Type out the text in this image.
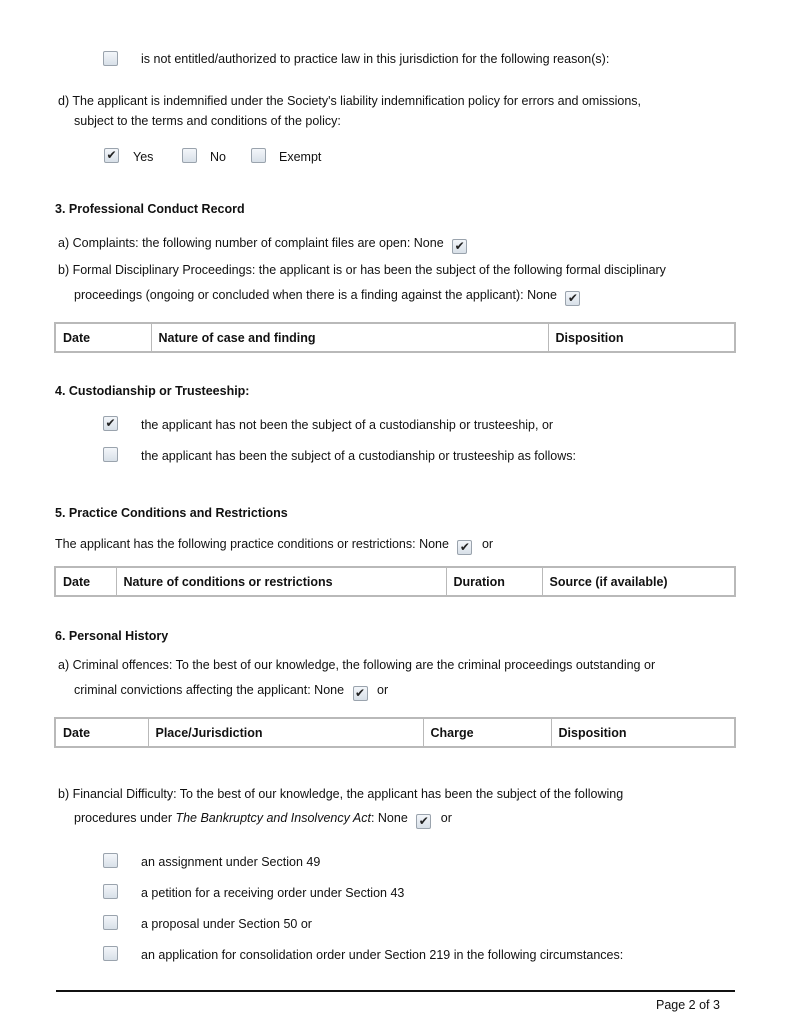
is not entitled/authorized to practice law in this jurisdiction for the following reason(s):
d) The applicant is indemnified under the Society's liability indemnification policy for errors and omissions,
subject to the terms and conditions of the policy:
✔ Yes	No	Exempt
3. Professional Conduct Record
a) Complaints: the following number of complaint files are open: None ✔
b) Formal Disciplinary Proceedings: the applicant is or has been the subject of the following formal disciplinary
proceedings (ongoing or concluded when there is a finding against the applicant): None ✔
Date	Nature of case and finding	Disposition
4. Custodianship or Trusteeship:
✔ the applicant has not been the subject of a custodianship or trusteeship, or
the applicant has been the subject of a custodianship or trusteeship as follows:
5. Practice Conditions and Restrictions
The applicant has the following practice conditions or restrictions: None ✔ or
Date	Nature of conditions or restrictions	Duration	Source (if available)
6. Personal History
a) Criminal offences: To the best of our knowledge, the following are the criminal proceedings outstanding or
criminal convictions affecting the applicant: None ✔ or
Date	Place/Jurisdiction	Charge	Disposition
b) Financial Difficulty: To the best of our knowledge, the applicant has been the subject of the following
procedures under The Bankruptcy and Insolvency Act: None ✔ or
an assignment under Section 49
a petition for a receiving order under Section 43
a proposal under Section 50 or
an application for consolidation order under Section 219 in the following circumstances:
Page 2 of 3
